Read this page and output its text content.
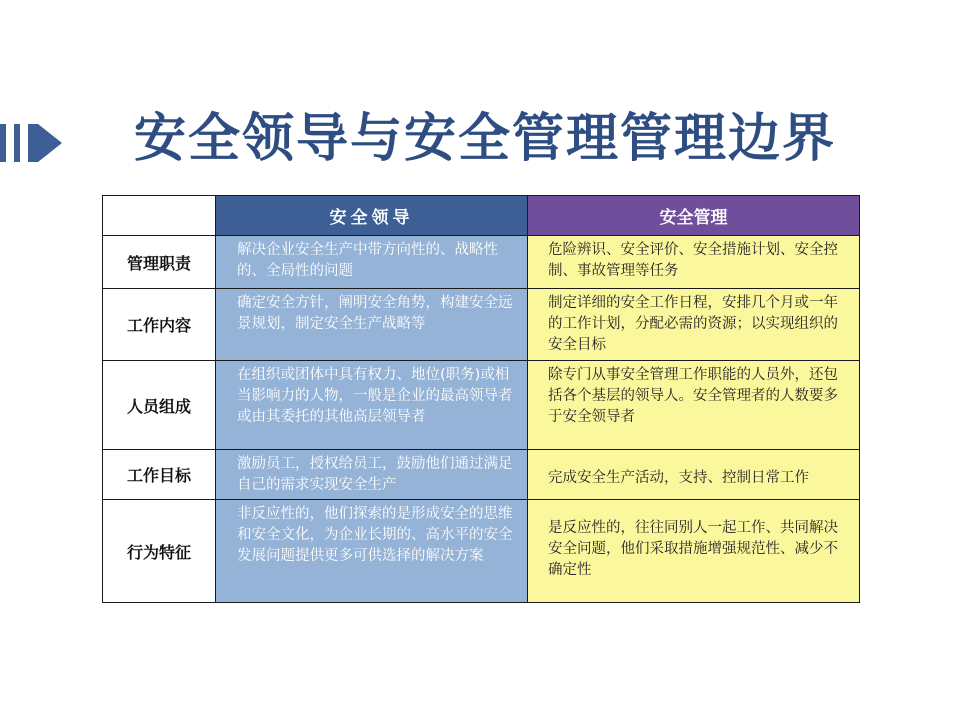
安全领导与安全管理管理边界
	安全领导	安全管理
管理职责	解决企业安全生产中带方向性的、战略性的、全局性的问题	危险辨识、安全评价、安全措施计划、安全控制、事故管理等任务

工作内容	确定安全方针，阐明安全角势，构建安全远景规划，制定安全生产战略等	制定详细的安全工作日程，安排几个月或一年的工作计划，分配必需的资源；以实现组织的安全目标

人员组成	在组织或团体中具有权力、地位(职务)或相当影响力的人物，一般是企业的最高领导者或由其委托的其他高层领导者	除专门从事安全管理工作职能的人员外，还包括各个基层的领导人。安全管理者的人数要多于安全领导者

工作目标	激励员工，授权给员工，鼓励他们通过满足自己的需求实现安全生产	完成安全生产活动，支持、控制日常工作

行为特征	非反应性的，他们探索的是形成安全的思维和安全文化，为企业长期的、高水平的安全发展问题提供更多可供选择的解决方案	是反应性的，往往同别人一起工作、共同解决安全问题，他们采取措施增强规范性、减少不确定性
